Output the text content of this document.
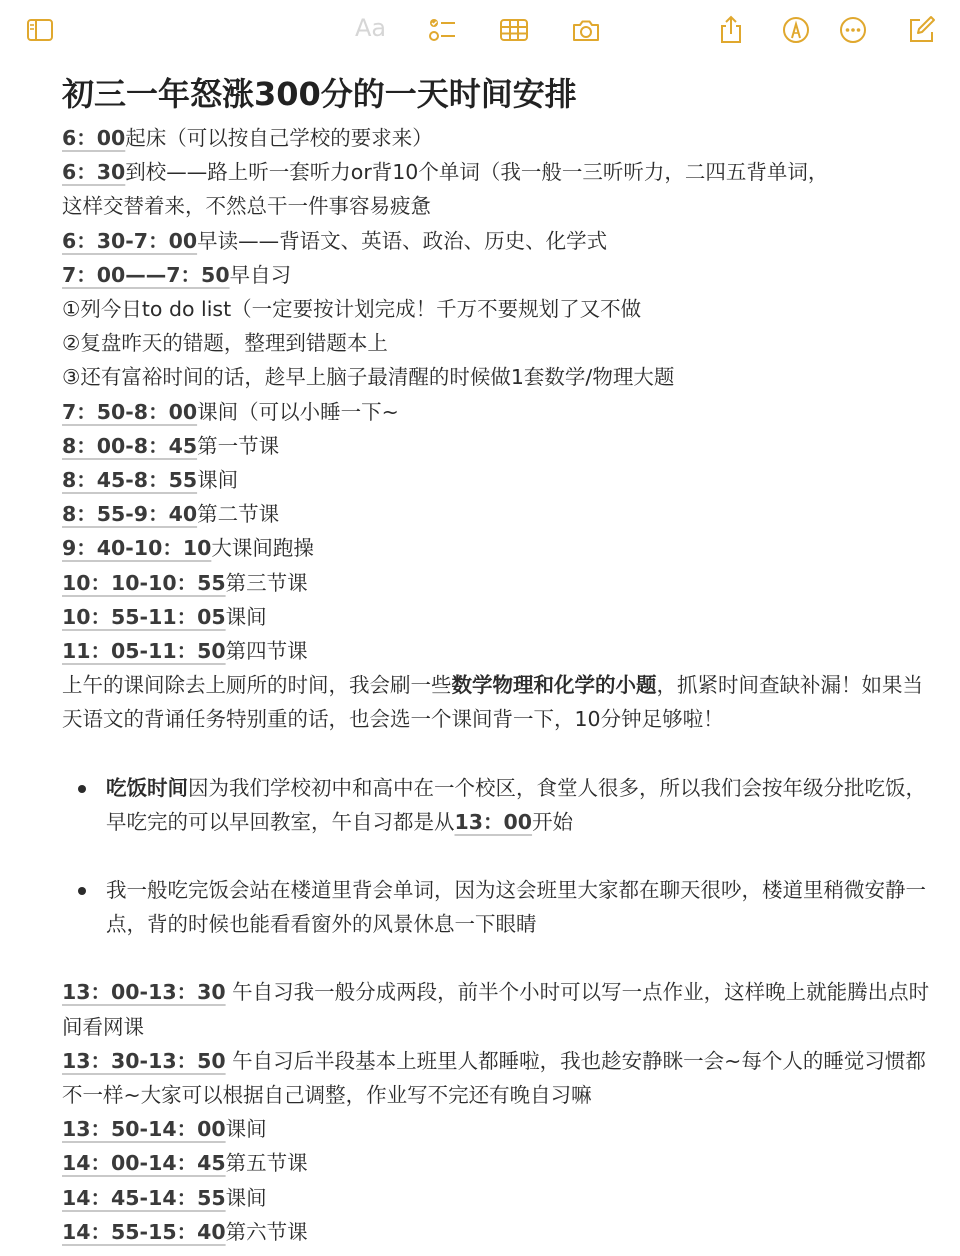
Aa
初三一年怒涨300分的一天时间安排
6：00起床（可以按自己学校的要求来）
6：30到校——路上听一套听力or背10个单词（我一般一三听听力，二四五背单词，
这样交替着来，不然总干一件事容易疲惫
6：30-7：00早读——背语文、英语、政治、历史、化学式
7：00——7：50早自习
①列今日to do list（一定要按计划完成！千万不要规划了又不做
②复盘昨天的错题，整理到错题本上
③还有富裕时间的话，趁早上脑子最清醒的时候做1套数学/物理大题
7：50-8：00课间（可以小睡一下~
8：00-8：45第一节课
8：45-8：55课间
8：55-9：40第二节课
9：40-10：10大课间跑操
10：10-10：55第三节课
10：55-11：05课间
11：05-11：50第四节课
上午的课间除去上厕所的时间，我会刷一些数学物理和化学的小题，抓紧时间查缺补漏！如果当天语文的背诵任务特别重的话，也会选一个课间背一下，10分钟足够啦！
吃饭时间因为我们学校初中和高中在一个校区，食堂人很多，所以我们会按年级分批吃饭，早吃完的可以早回教室，午自习都是从13：00开始
我一般吃完饭会站在楼道里背会单词，因为这会班里大家都在聊天很吵，楼道里稍微安静一点，背的时候也能看看窗外的风景休息一下眼睛
13：00-13：30 午自习我一般分成两段，前半个小时可以写一点作业，这样晚上就能腾出点时间看网课
13：30-13：50 午自习后半段基本上班里人都睡啦，我也趁安静眯一会~每个人的睡觉习惯都不一样~大家可以根据自己调整，作业写不完还有晚自习嘛
13：50-14：00课间
14：00-14：45第五节课
14：45-14：55课间
14：55-15：40第六节课
